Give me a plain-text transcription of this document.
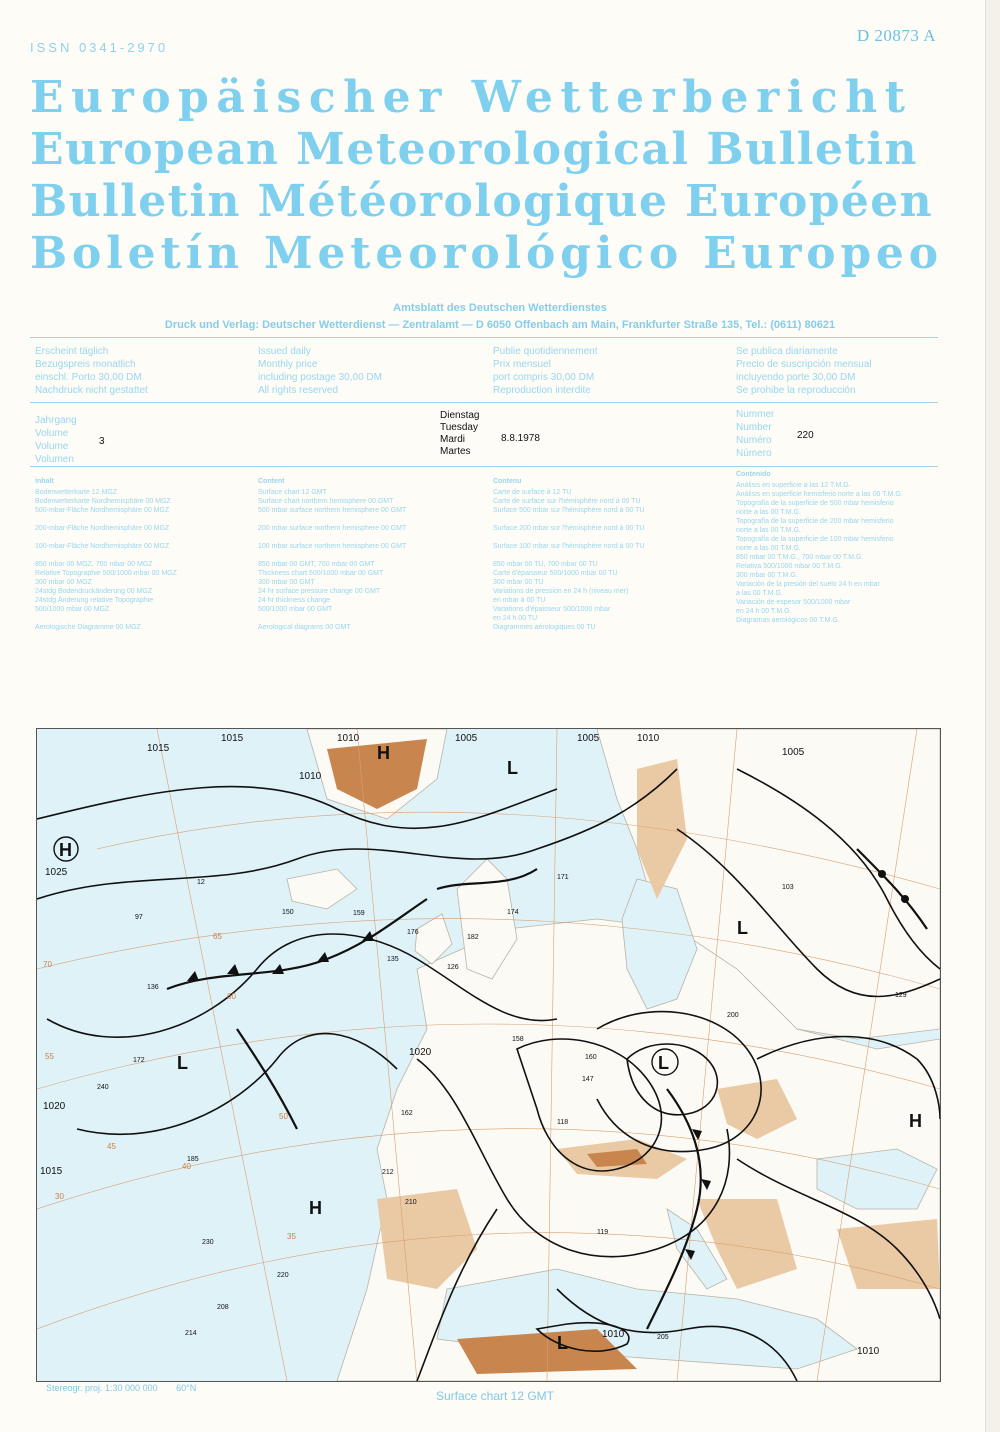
ISSN 0341-2970
D 20873 A
Europäischer Wetterbericht
European Meteorological Bulletin
Bulletin Météorologique Européen
Boletín Meteorológico Europeo
Amtsblatt des Deutschen Wetterdienstes
Druck und Verlag: Deutscher Wetterdienst — Zentralamt — D 6050 Offenbach am Main, Frankfurter Straße 135, Tel.: (0611) 80621
Erscheint täglich
Bezugspreis monatlich
einschl. Porto 30,00 DM
Nachdruck nicht gestattet
Issued daily
Monthly price
including postage 30,00 DM
All rights reserved
Publie quotidiennement
Prix mensuel
port compris 30,00 DM
Reproduction interdite
Se publica diariamente
Precio de suscripción mensual
incluyendo porte 30,00 DM
Se prohibe la reproducción
Jahrgang
Volume
Volume
Volumen
3
Dienstag
Tuesday
Mardi
Martes
8.8.1978
Nummer
Number
Numéro
Número
220
Inhalt
Bodenwetterkarte 12 MGZ
Bodenwetterkarte Nordhemisphäre 00 MGZ
500-mbar-Fläche Nordhemisphäre 00 MGZ

200-mbar-Fläche Nordhemisphäre 00 MGZ

100-mbar-Fläche Nordhemisphäre 00 MGZ

850 mbar 00 MGZ, 700 mbar 00 MGZ
Relative Topographie 500/1000 mbar 00 MGZ
300 mbar 00 MGZ
24stdg Bodendruckänderung 00 MGZ
24stdg Änderung relative Topographie
500/1000 mbar 00 MGZ

Aerologische Diagramme 00 MGZ
Content
Surface chart 12 GMT
Surface chart northern hemisphere 00 GMT
500 mbar surface northern hemisphere 00 GMT

200 mbar surface northern hemisphere 00 GMT

100 mbar surface northern hemisphere 00 GMT

850 mbar 00 GMT, 700 mbar 00 GMT
Thickness chart 500/1000 mbar 00 GMT
300 mbar 00 GMT
24 hr surface pressure change 00 GMT
24 hr thickness change
500/1000 mbar 00 GMT

Aerological diagrams 00 GMT
Contenu
Carte de surface à 12 TU
Carte de surface sur l'hémisphère nord à 00 TU
Surface 500 mbar sur l'hémisphère nord à 00 TU

Surface 200 mbar sur l'hémisphère nord à 00 TU

Surface 100 mbar sur l'hémisphère nord à 00 TU

850 mbar 00 TU, 700 mbar 00 TU
Carte d'épaisseur 500/1000 mbar 00 TU
300 mbar 00 TU
Variations de pression en 24 h (niveau mer)
en mbar à 00 TU
Variations d'épaisseur 500/1000 mbar
en 24 h 00 TU
Diagrammes aérologiques 00 TU
Contenido
Análisis en superficie a las 12 T.M.G.
Análisis en superficie hemisferio norte a las 00 T.M.G.
Topografía de la superficie de 500 mbar hemisferio
norte a las 00 T.M.G.
Topografía de la superficie de 200 mbar hemisferio
norte a las 00 T.M.G.
Topografía de la superficie de 100 mbar hemisferio
norte a las 00 T.M.G.
850 mbar 00 T.M.G., 700 mbar 00 T.M.G.
Relativa 500/1000 mbar 00 T.M.G.
300 mbar 00 T.M.G.
Variación de la presión del suelo 24 h en mbar
a las 00 T.M.G.
Variación de espesor 500/1000 mbar
en 24 h 00 T.M.G.
Diagramas aerológicos 00 T.M.G.
1010	1005
1015
1020
1010
1005
1025
1015
1010
1010
1005
1015
1020
1010
H
L
H
L
L
H
L
L
H
12
97
136
220
174
182
176
159
126
160
208
240
212
135
150
118
172
230
214
200
205
119
162
158
147
210
185
103
171
129
70
65
60
55
50
45
40
35
30
Stereogr. proj. 1:30 000 000 60°N
Surface chart 12 GMT
